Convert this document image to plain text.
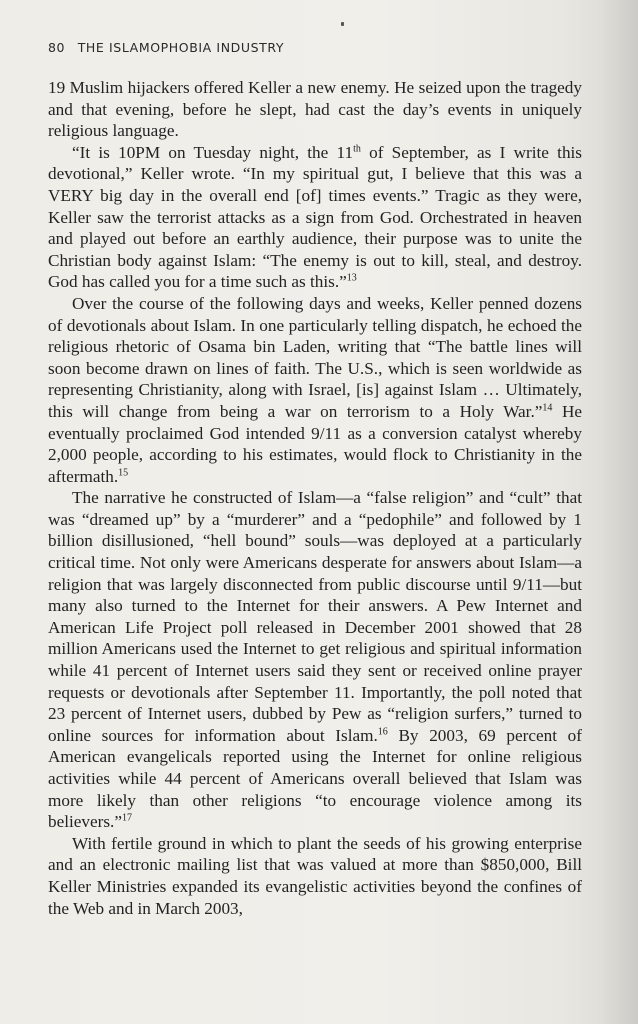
80 THE ISLAMOPHOBIA INDUSTRY

19 Muslim hijackers offered Keller a new enemy. He seized upon the tragedy and that evening, before he slept, had cast the day’s events in uniquely religious language.

“It is 10PM on Tuesday night, the 11th of September, as I write this devotional,” Keller wrote. “In my spiritual gut, I believe that this was a VERY big day in the overall end [of] times events.” Tragic as they were, Keller saw the terrorist attacks as a sign from God. Orchestrated in heaven and played out before an earthly audience, their purpose was to unite the Christian body against Islam: “The enemy is out to kill, steal, and destroy. God has called you for a time such as this.”$^{13}$

Over the course of the following days and weeks, Keller penned dozens of devotionals about Islam. In one particularly telling dispatch, he echoed the religious rhetoric of Osama bin Laden, writing that “The battle lines will soon become drawn on lines of faith. The U.S., which is seen worldwide as representing Christianity, along with Israel, [is] against Islam … Ultimately, this will change from being a war on terrorism to a Holy War.”$^{14}$ He eventually proclaimed God intended 9/11 as a conversion catalyst whereby 2,000 people, according to his estimates, would flock to Christianity in the aftermath.$^{15}$

The narrative he constructed of Islam—a “false religion” and “cult” that was “dreamed up” by a “murderer” and a “pedophile” and followed by 1 billion disillusioned, “hell bound” souls—was deployed at a particularly critical time. Not only were Americans desperate for answers about Islam—a religion that was largely disconnected from public discourse until 9/11—but many also turned to the Internet for their answers. A Pew Internet and American Life Project poll released in December 2001 showed that 28 million Americans used the Internet to get religious and spiritual information while 41 percent of Internet users said they sent or received online prayer requests or devotionals after September 11. Importantly, the poll noted that 23 percent of Internet users, dubbed by Pew as “religion surfers,” turned to online sources for information about Islam.$^{16}$ By 2003, 69 percent of American evangelicals reported using the Internet for online religious activities while 44 percent of Americans overall believed that Islam was more likely than other religions “to encourage violence among its believers.”$^{17}$

With fertile ground in which to plant the seeds of his growing enterprise and an electronic mailing list that was valued at more than $850,000, Bill Keller Ministries expanded its evangelistic activities beyond the confines of the Web and in March 2003,
